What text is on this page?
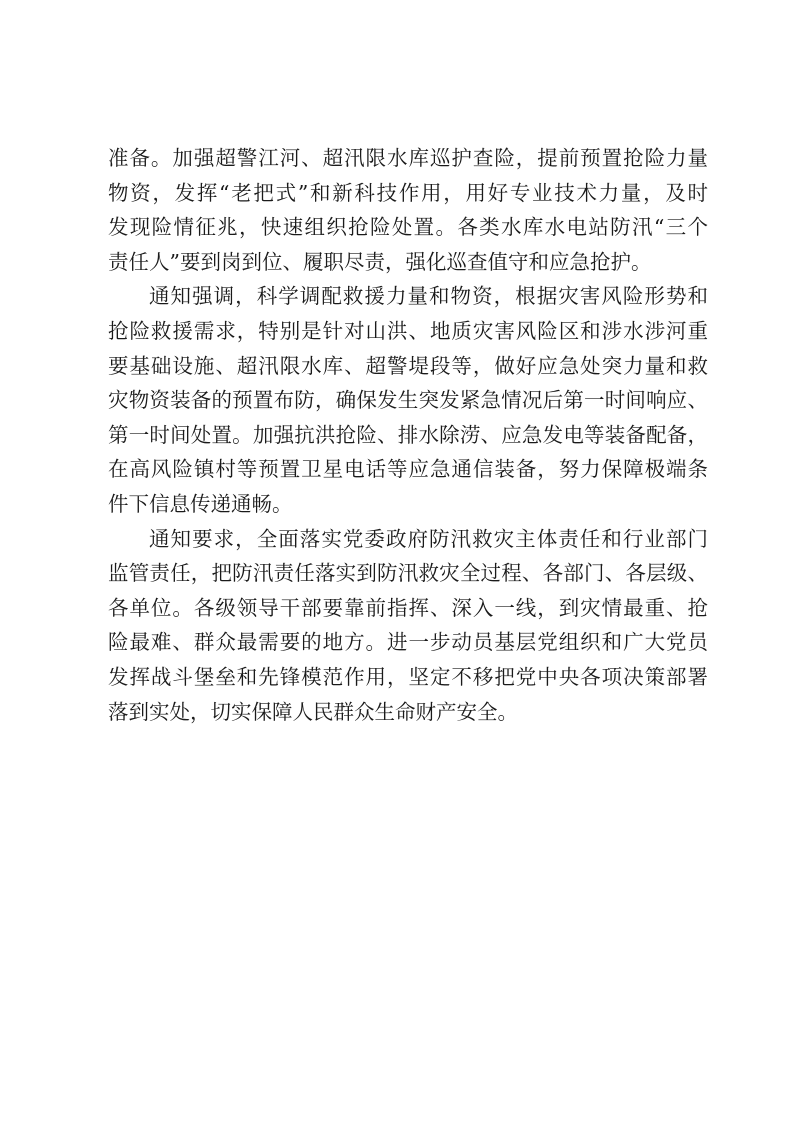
准备。加强超警江河、超汛限水库巡护查险，提前预置抢险力量
物资，发挥“老把式”和新科技作用，用好专业技术力量，及时
发现险情征兆，快速组织抢险处置。各类水库水电站防汛“三个
责任人”要到岗到位、履职尽责，强化巡查值守和应急抢护。
通知强调，科学调配救援力量和物资，根据灾害风险形势和
抢险救援需求，特别是针对山洪、地质灾害风险区和涉水涉河重
要基础设施、超汛限水库、超警堤段等，做好应急处突力量和救
灾物资装备的预置布防，确保发生突发紧急情况后第一时间响应、
第一时间处置。加强抗洪抢险、排水除涝、应急发电等装备配备，
在高风险镇村等预置卫星电话等应急通信装备，努力保障极端条
件下信息传递通畅。
通知要求，全面落实党委政府防汛救灾主体责任和行业部门
监管责任，把防汛责任落实到防汛救灾全过程、各部门、各层级、
各单位。各级领导干部要靠前指挥、深入一线，到灾情最重、抢
险最难、群众最需要的地方。进一步动员基层党组织和广大党员
发挥战斗堡垒和先锋模范作用，坚定不移把党中央各项决策部署
落到实处，切实保障人民群众生命财产安全。
